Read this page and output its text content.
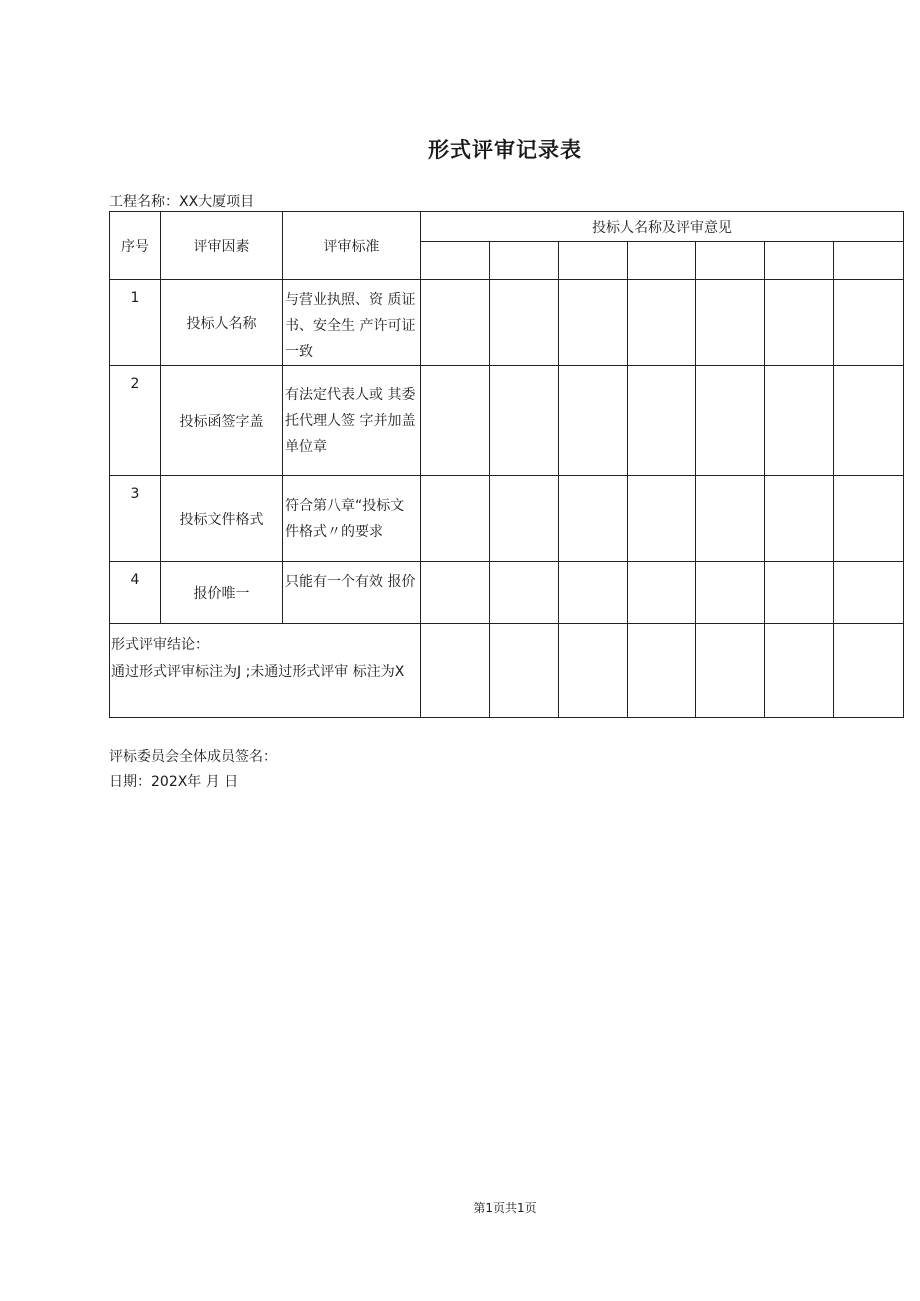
形式评审记录表
工程名称：XX大厦项目
序号	评审因素	评审标准	投标人名称及评审意见						

1	投标人名称	与营业执照、资 质证书、安全生 产许可证一致							
2	投标函签字盖	有法定代表人或 其委托代理人签 字并加盖单位章							
3	投标文件格式	符合第八章“投标文件格式〃的要求							
4	报价唯一	只能有一个有效 报价							

形式评审结论：
通过形式评审标注为J ;未通过形式评审 标注为X									

评标委员会全体成员签名：
日期：202X年 月 日
第1页共1页
